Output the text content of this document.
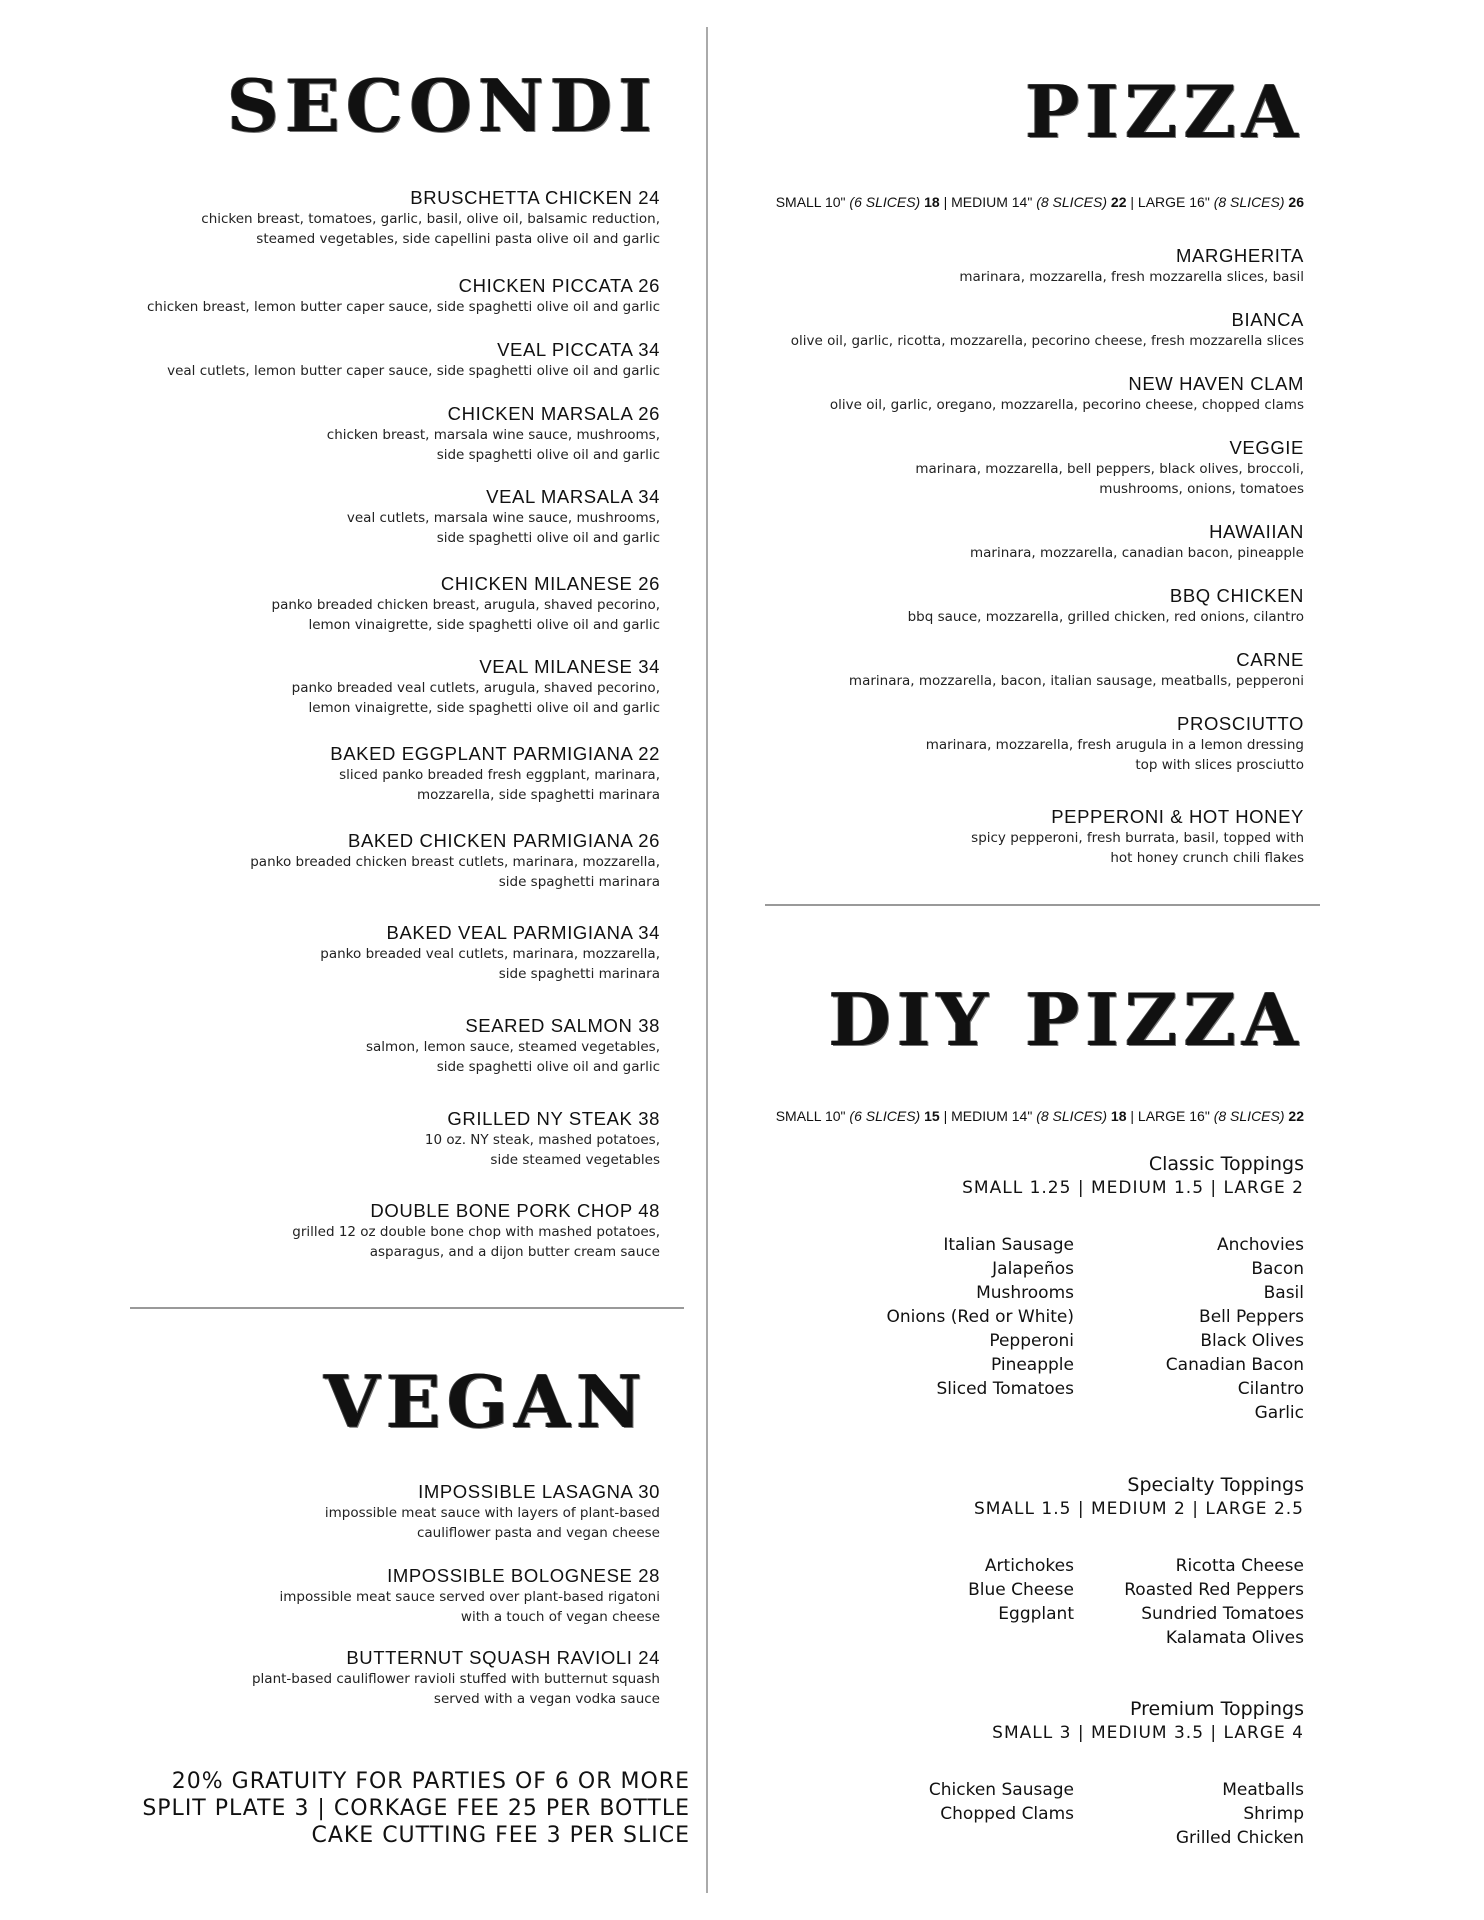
SECONDI	PIZZA
VEGAN
DIY PIZZA
BRUSCHETTA CHICKEN 24
chicken breast, tomatoes, garlic, basil, olive oil, balsamic reduction,
steamed vegetables, side capellini pasta olive oil and garlic
CHICKEN PICCATA 26
chicken breast, lemon butter caper sauce, side spaghetti olive oil and garlic
VEAL PICCATA 34
veal cutlets, lemon butter caper sauce, side spaghetti olive oil and garlic
CHICKEN MARSALA 26
chicken breast, marsala wine sauce, mushrooms,
side spaghetti olive oil and garlic
VEAL MARSALA 34
veal cutlets, marsala wine sauce, mushrooms,
side spaghetti olive oil and garlic
CHICKEN MILANESE 26
panko breaded chicken breast, arugula, shaved pecorino,
lemon vinaigrette, side spaghetti olive oil and garlic
VEAL MILANESE 34
panko breaded veal cutlets, arugula, shaved pecorino,
lemon vinaigrette, side spaghetti olive oil and garlic
BAKED EGGPLANT PARMIGIANA 22
sliced panko breaded fresh eggplant, marinara,
mozzarella, side spaghetti marinara
BAKED CHICKEN PARMIGIANA 26
panko breaded chicken breast cutlets, marinara, mozzarella,
side spaghetti marinara
BAKED VEAL PARMIGIANA 34
panko breaded veal cutlets, marinara, mozzarella,
side spaghetti marinara
SEARED SALMON 38
salmon, lemon sauce, steamed vegetables,
side spaghetti olive oil and garlic
GRILLED NY STEAK 38
10 oz. NY steak, mashed potatoes,
side steamed vegetables
DOUBLE BONE PORK CHOP 48
grilled 12 oz double bone chop with mashed potatoes,
asparagus, and a dijon butter cream sauce
IMPOSSIBLE LASAGNA 30
impossible meat sauce with layers of plant-based
cauliflower pasta and vegan cheese
IMPOSSIBLE BOLOGNESE 28
impossible meat sauce served over plant-based rigatoni
with a touch of vegan cheese
BUTTERNUT SQUASH RAVIOLI 24
plant-based cauliflower ravioli stuffed with butternut squash
served with a vegan vodka sauce
20% GRATUITY FOR PARTIES OF 6 OR MORE
SPLIT PLATE 3 | CORKAGE FEE 25 PER BOTTLE
CAKE CUTTING FEE 3 PER SLICE
SMALL 10" (6 SLICES) 18 | MEDIUM 14" (8 SLICES) 22 | LARGE 16" (8 SLICES) 26
MARGHERITA
marinara, mozzarella, fresh mozzarella slices, basil
BIANCA
olive oil, garlic, ricotta, mozzarella, pecorino cheese, fresh mozzarella slices
NEW HAVEN CLAM
olive oil, garlic, oregano, mozzarella, pecorino cheese, chopped clams
VEGGIE
marinara, mozzarella, bell peppers, black olives, broccoli,
mushrooms, onions, tomatoes
HAWAIIAN
marinara, mozzarella, canadian bacon, pineapple
BBQ CHICKEN
bbq sauce, mozzarella, grilled chicken, red onions, cilantro
CARNE
marinara, mozzarella, bacon, italian sausage, meatballs, pepperoni
PROSCIUTTO
marinara, mozzarella, fresh arugula in a lemon dressing
top with slices prosciutto
PEPPERONI & HOT HONEY
spicy pepperoni, fresh burrata, basil, topped with
hot honey crunch chili flakes
SMALL 10" (6 SLICES) 15 | MEDIUM 14" (8 SLICES) 18 | LARGE 16" (8 SLICES) 22
Classic Toppings
SMALL 1.25 | MEDIUM 1.5 | LARGE 2
Italian Sausage
Jalapeños
Mushrooms
Onions (Red or White)
Pepperoni
Pineapple
Sliced Tomatoes
Anchovies
Bacon
Basil
Bell Peppers
Black Olives
Canadian Bacon
Cilantro
Garlic
Specialty Toppings
SMALL 1.5 | MEDIUM 2 | LARGE 2.5
Artichokes
Blue Cheese
Eggplant
Ricotta Cheese
Roasted Red Peppers
Sundried Tomatoes
Kalamata Olives
Premium Toppings
SMALL 3 | MEDIUM 3.5 | LARGE 4
Chicken Sausage
Chopped Clams
Meatballs
Shrimp
Grilled Chicken
